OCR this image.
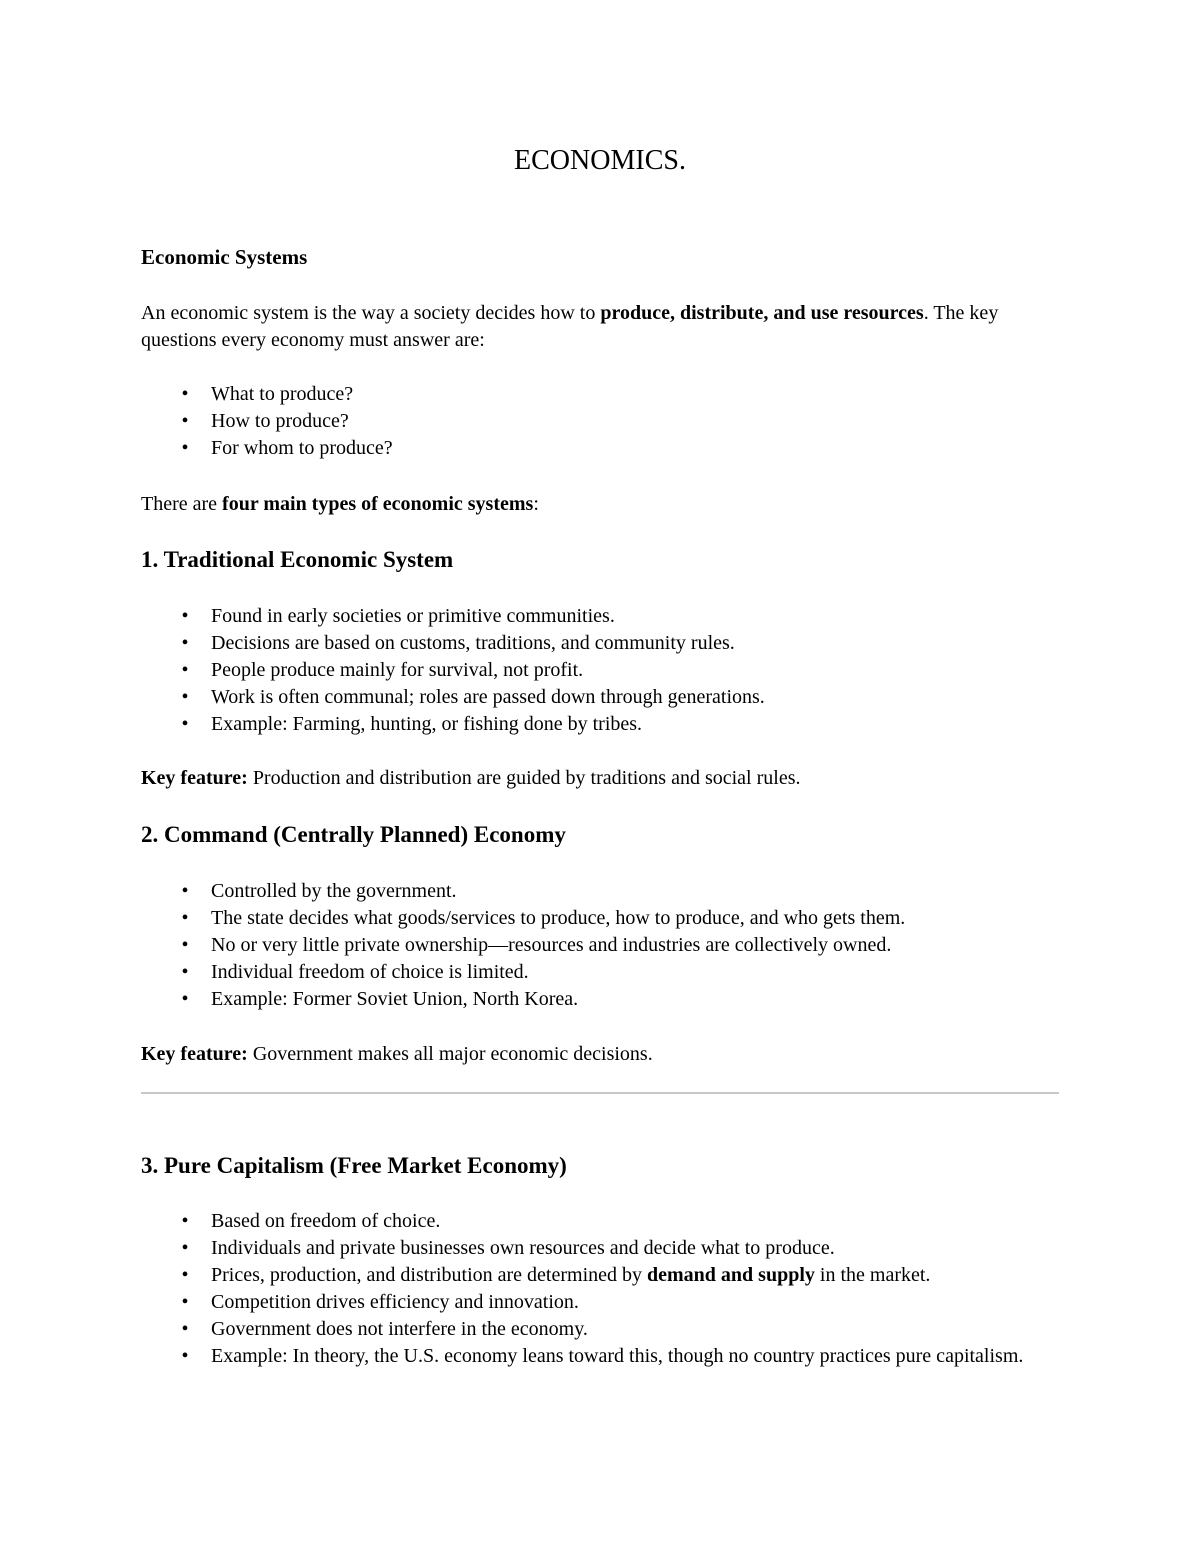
ECONOMICS.
Economic Systems
An economic system is the way a society decides how to produce, distribute, and use resources. The key questions every economy must answer are:
•	What to produce?
•	How to produce?
•	For whom to produce?
There are four main types of economic systems:
1. Traditional Economic System
•	Found in early societies or primitive communities.
•	Decisions are based on customs, traditions, and community rules.
•	People produce mainly for survival, not profit.
•	Work is often communal; roles are passed down through generations.
•	Example: Farming, hunting, or fishing done by tribes.
Key feature: Production and distribution are guided by traditions and social rules.
2. Command (Centrally Planned) Economy
•	Controlled by the government.
•	The state decides what goods/services to produce, how to produce, and who gets them.
•	No or very little private ownership—resources and industries are collectively owned.
•	Individual freedom of choice is limited.
•	Example: Former Soviet Union, North Korea.
Key feature: Government makes all major economic decisions.
3. Pure Capitalism (Free Market Economy)
•	Based on freedom of choice.
•	Individuals and private businesses own resources and decide what to produce.
•	Prices, production, and distribution are determined by demand and supply in the market.
•	Competition drives efficiency and innovation.
•	Government does not interfere in the economy.
•	Example: In theory, the U.S. economy leans toward this, though no country practices pure capitalism.
